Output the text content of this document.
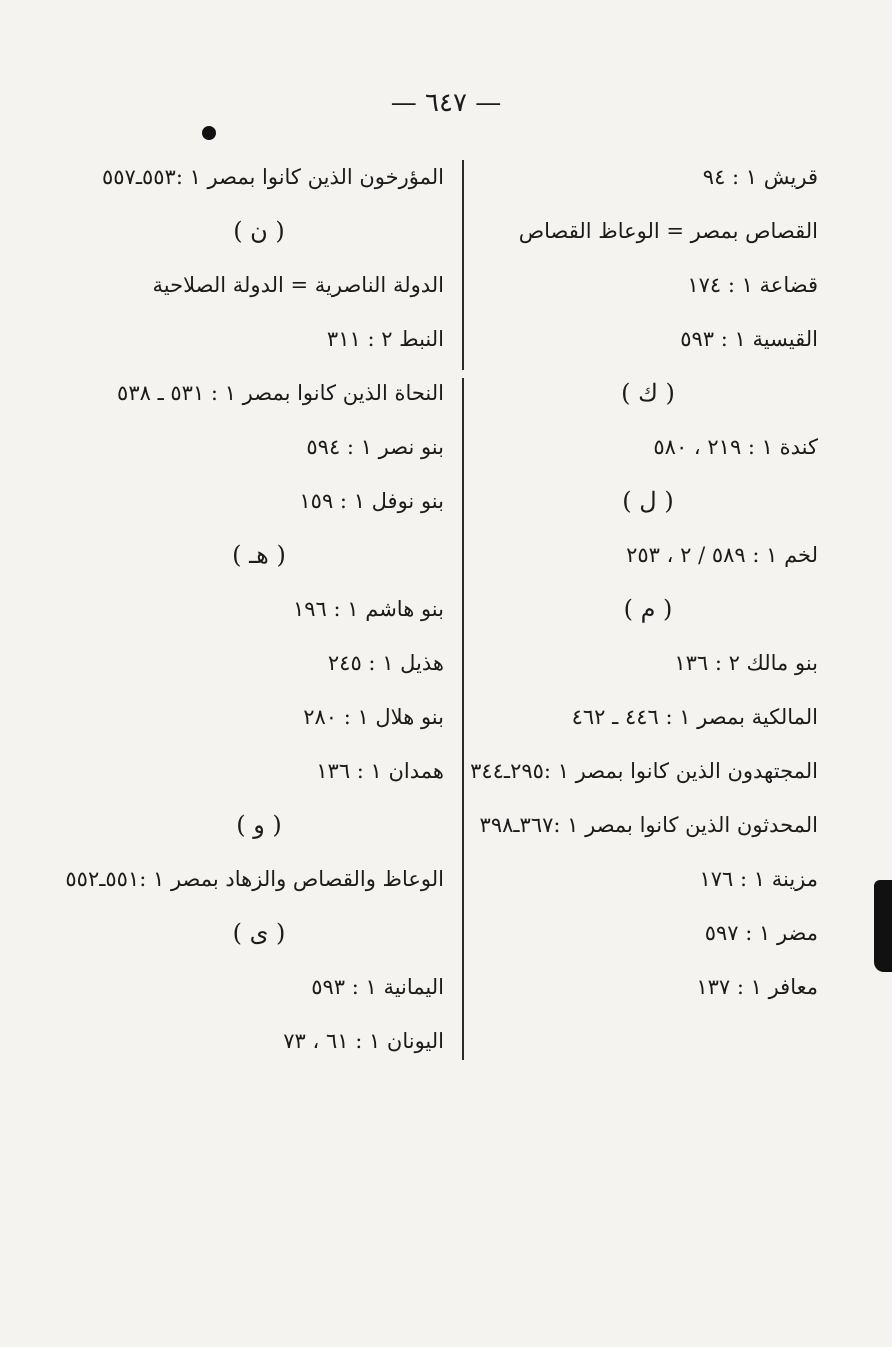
— ٦٤٧ —
قريش ١ : ٩٤
القصاص بمصر = الوعاظ القصاص
قضاعة ١ : ١٧٤
القيسية ١ : ٥٩٣
( ك )
كندة ١ : ٢١٩ ، ٥٨٠
( ل )
لخم ١ : ٥٨٩ / ٢ ، ٢٥٣
( م )
بنو مالك ٢ : ١٣٦
المالكية بمصر ١ : ٤٤٦ ـ ٤٦٢
المجتهدون الذين كانوا بمصر ١ :٢٩٥ـ٣٤٤
المحدثون الذين كانوا بمصر ١ :٣٦٧ـ٣٩٨
مزينة ١ : ١٧٦
مضر ١ : ٥٩٧
معافر ١ : ١٣٧
المؤرخون الذين كانوا بمصر ١ :٥٥٣ـ٥٥٧
( ن )
الدولة الناصرية = الدولة الصلاحية
النبط ٢ : ٣١١
النحاة الذين كانوا بمصر ١ : ٥٣١ ـ ٥٣٨
بنو نصر ١ : ٥٩٤
بنو نوفل ١ : ١٥٩
( هـ )
بنو هاشم ١ : ١٩٦
هذيل ١ : ٢٤٥
بنو هلال ١ : ٢٨٠
همدان ١ : ١٣٦
( و )
الوعاظ والقصاص والزهاد بمصر ١ :٥٥١ـ٥٥٢
( ى )
اليمانية ١ : ٥٩٣
اليونان ١ : ٦١ ، ٧٣
